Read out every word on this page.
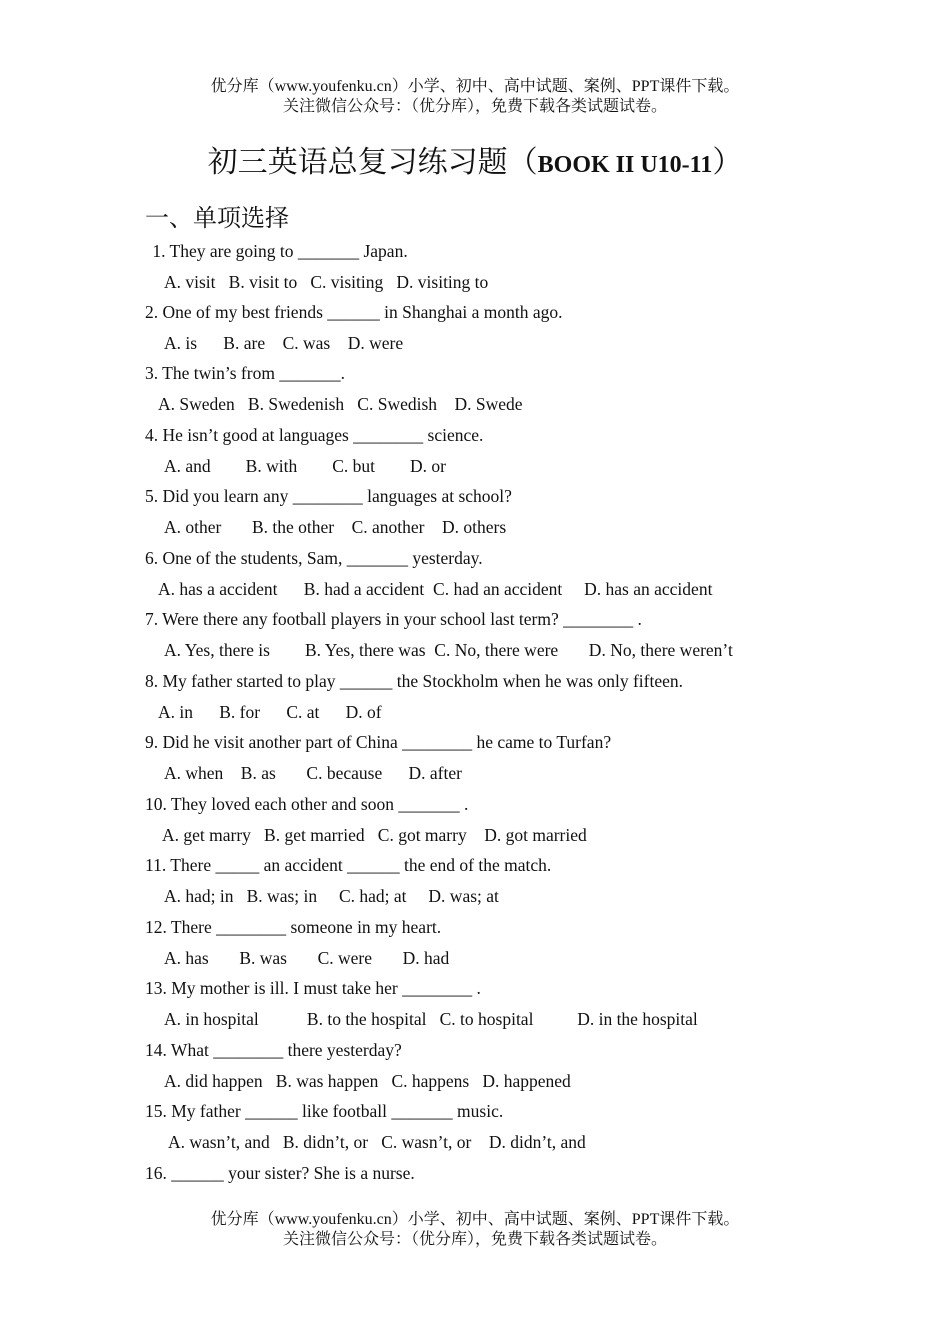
优分库（www.youfenku.cn）小学、初中、高中试题、案例、PPT课件下载。
关注微信公众号：（优分库），免费下载各类试题试卷。
初三英语总复习练习题（BOOK II U10-11）
一、单项选择
1. They are going to _______ Japan.
A. visit   B. visit to   C. visiting   D. visiting to
2. One of my best friends ______ in Shanghai a month ago.
A. is      B. are    C. was    D. were
3. The twin’s from _______.
A. Sweden   B. Swedenish   C. Swedish    D. Swede
4. He isn’t good at languages ________ science.
A. and        B. with        C. but        D. or
5. Did you learn any ________ languages at school?
A. other       B. the other    C. another    D. others
6. One of the students, Sam, _______ yesterday.
A. has a accident      B. had a accident  C. had an accident     D. has an accident
7. Were there any football players in your school last term? ________ .
A. Yes, there is        B. Yes, there was  C. No, there were       D. No, there weren’t
8. My father started to play ______ the Stockholm when he was only fifteen.
A. in      B. for      C. at      D. of
9. Did he visit another part of China ________ he came to Turfan?
A. when    B. as       C. because      D. after
10. They loved each other and soon _______ .
A. get marry   B. get married   C. got marry    D. got married
11. There _____ an accident ______ the end of the match.
A. had; in   B. was; in     C. had; at     D. was; at
12. There ________ someone in my heart.
A. has       B. was       C. were       D. had
13. My mother is ill. I must take her ________ .
A. in hospital           B. to the hospital   C. to hospital          D. in the hospital
14. What ________ there yesterday?
A. did happen   B. was happen   C. happens   D. happened
15. My father ______ like football _______ music.
A. wasn’t, and   B. didn’t, or   C. wasn’t, or    D. didn’t, and
16. ______ your sister? She is a nurse.
优分库（www.youfenku.cn）小学、初中、高中试题、案例、PPT课件下载。
关注微信公众号：（优分库），免费下载各类试题试卷。
